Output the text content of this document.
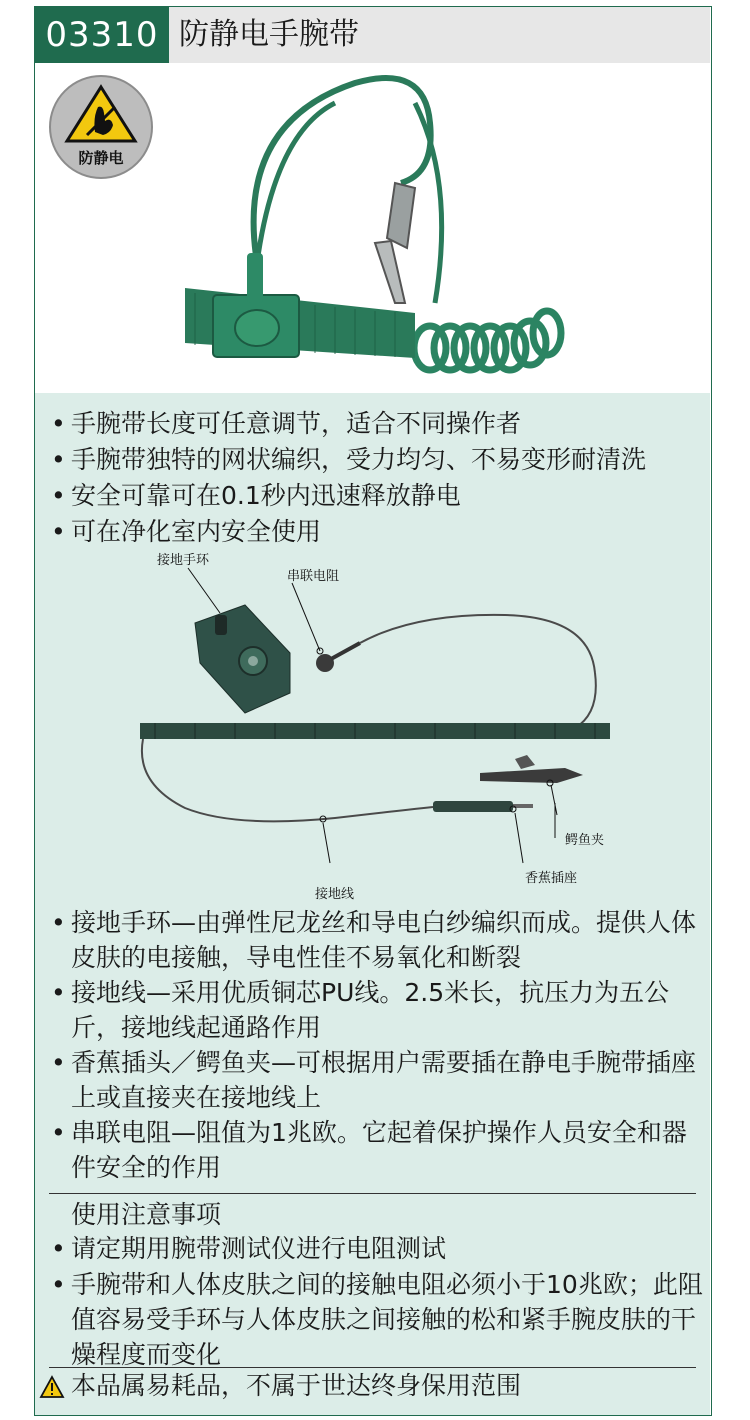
03310 防静电手腕带
防静电
• 手腕带长度可任意调节，适合不同操作者
• 手腕带独特的网状编织，受力均匀、不易变形耐清洗
• 安全可靠可在0.1秒内迅速释放静电
• 可在净化室内安全使用
接地手环
串联电阻
鳄鱼夹
香蕉插座
接地线
• 接地手环—由弹性尼龙丝和导电白纱编织而成。提供人体皮肤的电接触，导电性佳不易氧化和断裂
• 接地线—采用优质铜芯PU线。2.5米长，抗压力为五公斤，接地线起通路作用
• 香蕉插头／鳄鱼夹—可根据用户需要插在静电手腕带插座上或直接夹在接地线上
• 串联电阻—阻值为1兆欧。它起着保护操作人员安全和器件安全的作用
使用注意事项
• 请定期用腕带测试仪进行电阻测试
• 手腕带和人体皮肤之间的接触电阻必须小于10兆欧；此阻值容易受手环与人体皮肤之间接触的松和紧手腕皮肤的干燥程度而变化
本品属易耗品，不属于世达终身保用范围
